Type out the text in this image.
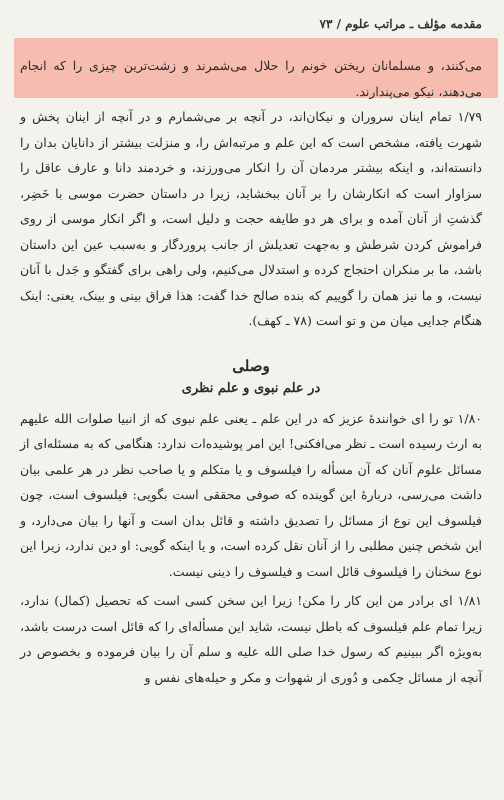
مقدمه مؤلف ـ مراتب علوم / ۷۳

می‌کنند، و مسلمانان ریختن خونم را حلال می‌شمرند و زشت‌ترین چیزی را که انجام می‌دهند، نیکو می‌پندارند.

۱/۷۹ تمام اینان سروران و نیکان‌اند، در آنچه بر می‌شمارم و در آنچه از اینان پخش و شهرت یافته، مشخص است که این علم و مرتبه‌اش را، و منزلت بیشتر از دانایان بدان را دانسته‌اند، و اینکه بیشتر مردمان آن را انکار می‌ورزند، و خردمند دانا و عارف عاقل را سزاوار است که انکارشان را بر آنان ببخشاید، زیرا در داستان حضرت موسی با خَضِر، گذشتِ از آنان آمده و برای هر دو طایفه حجت و دلیل است، و اگر انکار موسی از روی فراموش کردن شرطش و به‌جهت تعدیلش از جانب پروردگار و به‌سبب عین این داستان باشد، ما بر منکران احتجاج کرده و استدلال می‌کنیم، ولی راهی برای گفتگو و جَدل با آنان نیست، و ما نیز همان را گوییم که بنده صالح خدا گفت: هذا فراق بینی و بینک، یعنی: اینک هنگام جدایی میان من و تو است (۷۸ ـ کهف).

وصلی
در علم نبوی و علم نظری

۱/۸۰ تو را ای خوانندهٔ عزیز که در این علم ـ یعنی علم نبوی که از انبیا صلوات الله علیهم به ارث رسیده است ـ نظر می‌افکنی! این امر پوشیده‌ات ندارد: هنگامی که به مسئله‌ای از مسائل علوم آنان که آن مسأله را فیلسوف و یا متکلم و یا صاحب نظر در هر علمی بیان داشت می‌رسی، دربارهٔ این گوینده که صوفی محققی است بگویی: فیلسوف است، چون فیلسوف این نوع از مسائل را تصدیق داشته و قائل بدان است و آنها را بیان می‌دارد، و این شخص چنین مطلبی را از آنان نقل کرده است، و یا اینکه گویی: او دین ندارد، زیرا این نوع سخنان را فیلسوف قائل است و فیلسوف را دینی نیست.

۱/۸۱ ای برادر من این کار را مکن! زیرا این سخن کسی است که تحصیل (کمال) ندارد، زیرا تمام علم فیلسوف که باطل نیست، شاید این مسأله‌ای را که قائل است درست باشد، به‌ویژه اگر ببینیم که رسول خدا صلی الله علیه و سلم آن را بیان فرموده و بخصوص در آنچه از مسائل حِکمی و دُوری از شهوات و مکر و حیله‌های نفس و
